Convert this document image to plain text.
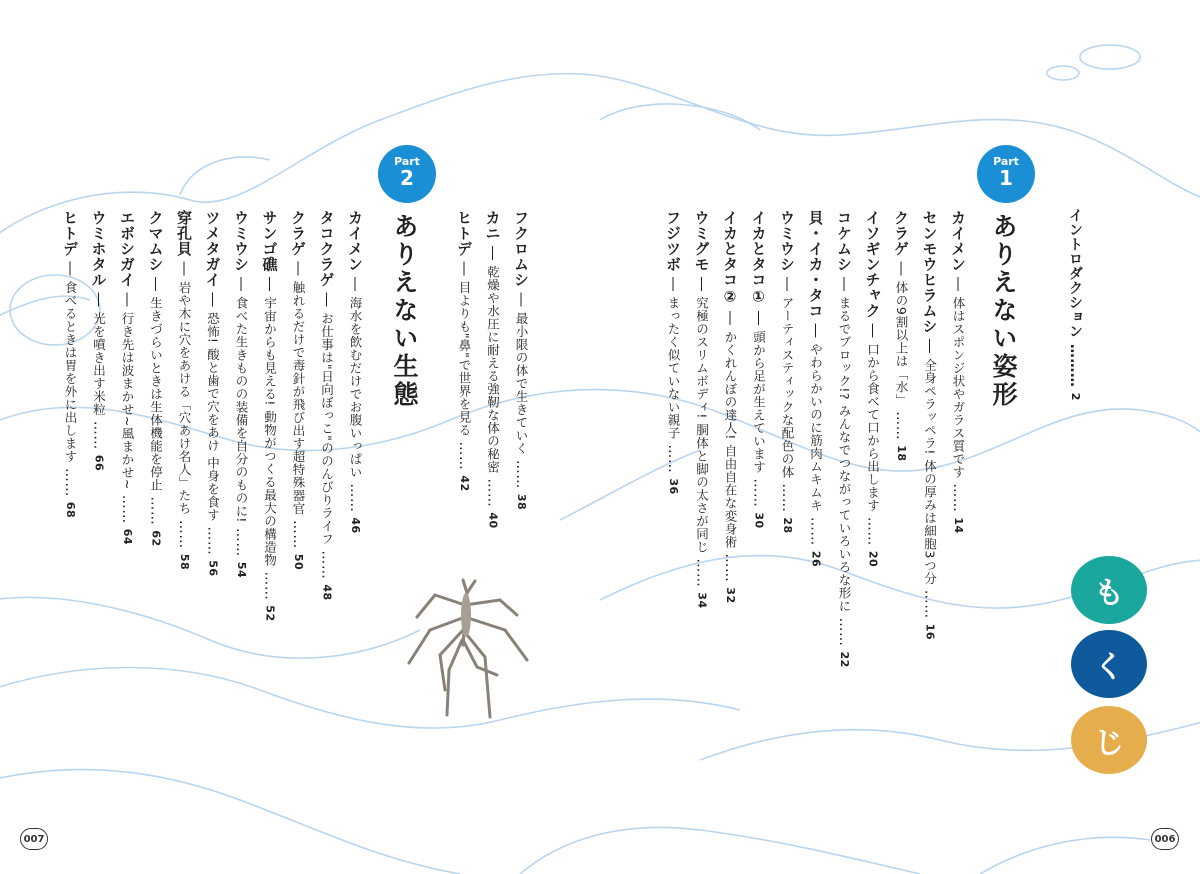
イントロダクション ……… 2
Part
1
ありえない姿形
カイメン ― 体はスポンジ状やガラス質です …… 14
センモウヒラムシ ― 全身ペラッペラ! 体の厚みは細胞3つ分 …… 16
クラゲ ― 体の9割以上は「水」 …… 18
イソギンチャク ― 口から食べて口から出します …… 20
コケムシ ― まるでブロック!? みんなでつながっていろいろな形に …… 22
貝・イカ・タコ ― やわらかいのに筋肉ムキムキ …… 26
ウミウシ ― アーティスティックな配色の体 …… 28
イカとタコ① ― 頭から足が生えています …… 30
イカとタコ② ― かくれんぼの達人! 自由自在な変身術 …… 32
ウミグモ ― 究極のスリムボディ! 胴体と脚の太さが同じ …… 34
フジツボ ― まったく似ていない親子 …… 36
も
く
じ
006
フクロムシ ― 最小限の体で生きていく …… 38
カニ ― 乾燥や水圧に耐える強靭な体の秘密 …… 40
ヒトデ ― 目よりも"鼻"で世界を見る …… 42
Part
2
ありえない生態
カイメン ― 海水を飲むだけでお腹いっぱい …… 46
タコクラゲ ― お仕事は"日向ぼっこ"ののんびりライフ …… 48
クラゲ ― 触れるだけで毒針が飛び出す超特殊器官 …… 50
サンゴ礁 ― 宇宙からも見える! 動物がつくる最大の構造物 …… 52
ウミウシ ― 食べた生きものの装備を自分のものに! …… 54
ツメタガイ ― 恐怖! 酸と歯で穴をあけ 中身を食す …… 56
穿孔貝 ― 岩や木に穴をあける「穴あけ名人」たち …… 58
クマムシ ― 生きづらいときは生体機能を停止 …… 62
エボシガイ ― 行き先は波まかせ~風まかせ~ …… 64
ウミホタル ― 光を噴き出す米粒 …… 66
ヒトデ ― 食べるときは胃を外に出します …… 68
007
